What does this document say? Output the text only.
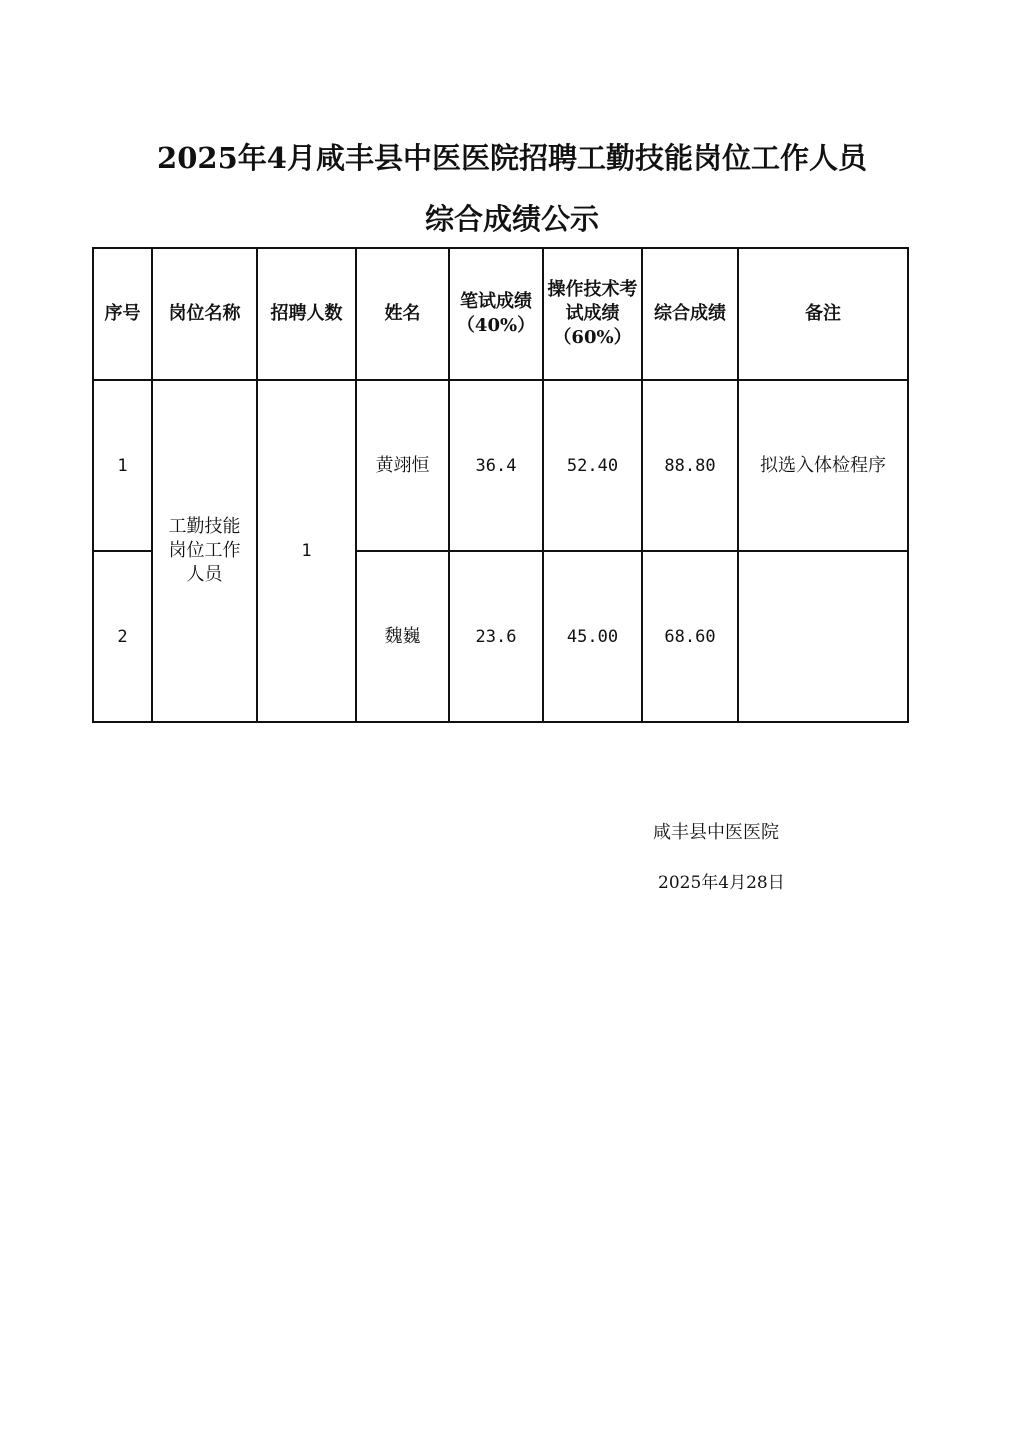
2025年4月咸丰县中医医院招聘工勤技能岗位工作人员
综合成绩公示
序号	岗位名称	招聘人数	姓名	笔试成绩（40%）	操作技术考试成绩（60%）	综合成绩	备注
1	工勤技能岗位工作人员	1	黄翊恒	36.4	52.40	88.80	拟选入体检程序
2			魏巍	23.6	45.00	68.60	
咸丰县中医医院
2025年4月28日
